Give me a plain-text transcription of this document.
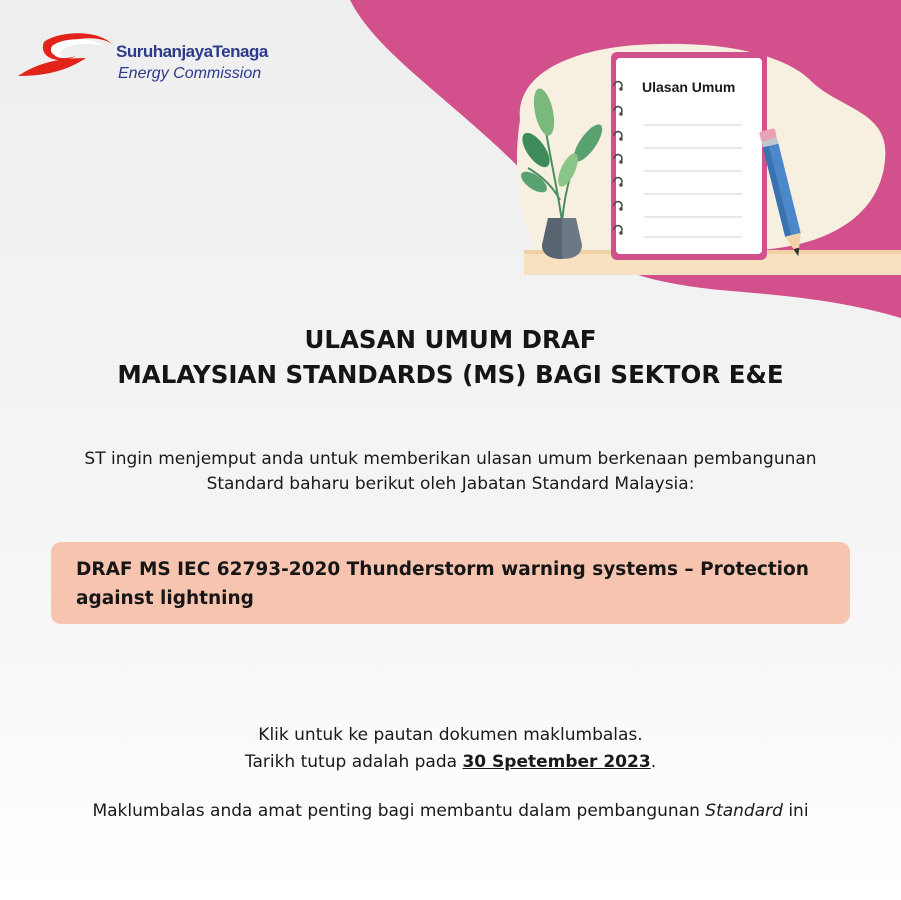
Ulasan Umum
SuruhanjayaTenaga
Energy Commission
ULASAN UMUM DRAF
MALAYSIAN STANDARDS (MS) BAGI SEKTOR E&E
ST ingin menjemput anda untuk memberikan ulasan umum berkenaan pembangunan
Standard baharu berikut oleh Jabatan Standard Malaysia:
DRAF MS IEC 62793-2020 Thunderstorm warning systems – Protection against lightning
Klik untuk ke pautan dokumen maklumbalas.
Tarikh tutup adalah pada 30 Spetember 2023.
Maklumbalas anda amat penting bagi membantu dalam pembangunan Standard ini
